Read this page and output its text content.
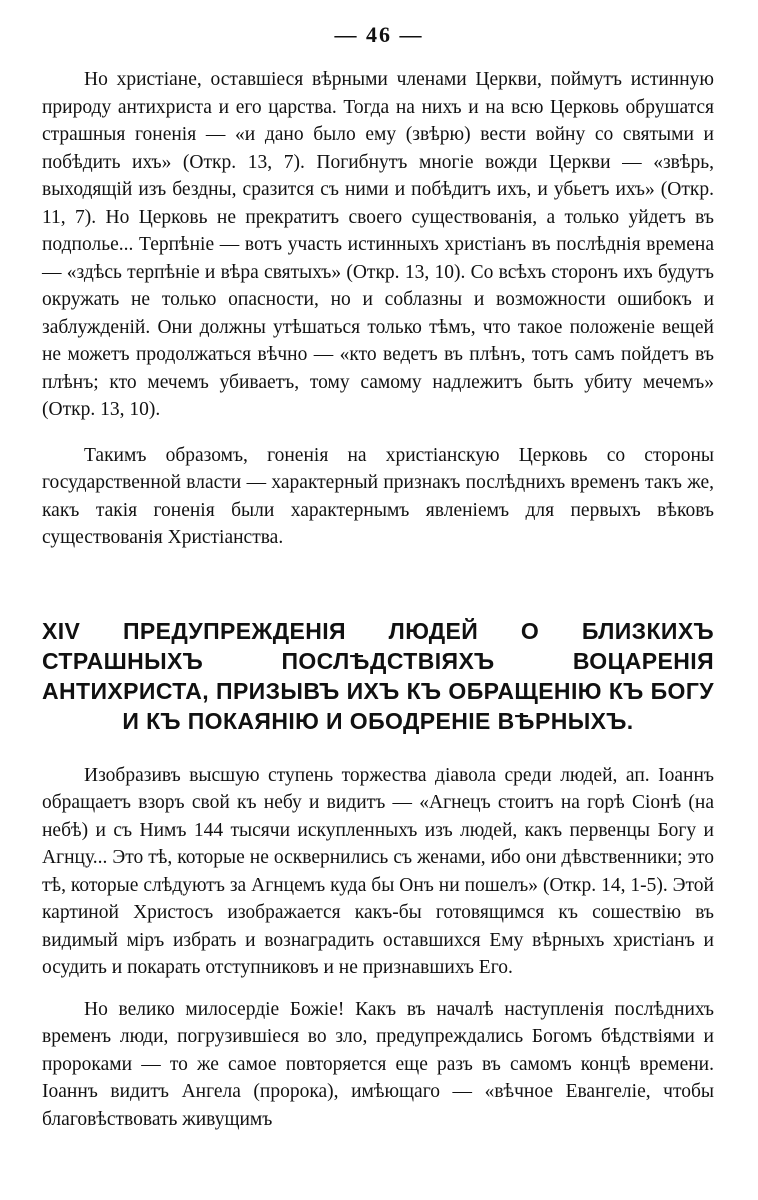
— 46 —

Но христіане, оставшіеся вѣрными членами Церкви, поймутъ истинную природу антихриста и его царства. Тогда на нихъ и на всю Церковь обрушатся страшныя гоненія — «и дано было ему (звѣрю) вести войну со святыми и побѣдить ихъ» (Откр. 13, 7). Погибнутъ многіе вожди Церкви — «звѣрь, выходящій изъ бездны, сразится съ ними и побѣдитъ ихъ, и убьетъ ихъ» (Откр. 11, 7). Но Церковь не прекратитъ своего существованія, а только уйдетъ въ подполье... Терпѣніе — вотъ участь истинныхъ христіанъ въ послѣднія времена — «здѣсь терпѣніе и вѣра святыхъ» (Откр. 13, 10). Со всѣхъ сторонъ ихъ будутъ окружать не только опасности, но и соблазны и возможности ошибокъ и заблужденій. Они должны утѣшаться только тѣмъ, что такое положеніе вещей не можетъ продолжаться вѣчно — «кто ведетъ въ плѣнъ, тотъ самъ пойдетъ въ плѣнъ; кто мечемъ убиваетъ, тому самому надлежитъ быть убиту мечемъ» (Откр. 13, 10).

Такимъ образомъ, гоненія на христіанскую Церковь со стороны государственной власти — характерный признакъ послѣднихъ временъ такъ же, какъ такія гоненія были характернымъ явленіемъ для первыхъ вѣковъ существованія Христіанства.

XIV ПРЕДУПРЕЖДЕНІЯ ЛЮДЕЙ О БЛИЗКИХЪ СТРАШНЫХЪ ПОСЛѢДСТВІЯХЪ ВОЦАРЕНІЯ АНТИХРИСТА, ПРИЗЫВЪ ИХЪ КЪ ОБРАЩЕНІЮ КЪ БОГУ И КЪ ПОКАЯНІЮ И ОБОДРЕНІЕ ВѢРНЫХЪ.

Изобразивъ высшую ступень торжества діавола среди людей, ап. Іоаннъ обращаетъ взоръ свой къ небу и видитъ — «Агнецъ стоитъ на горѣ Сіонѣ (на небѣ) и съ Нимъ 144 тысячи искупленныхъ изъ людей, какъ первенцы Богу и Агнцу... Это тѣ, которые не осквернились съ женами, ибо они дѣвственники; это тѣ, которые слѣдуютъ за Агнцемъ куда бы Онъ ни пошелъ» (Откр. 14, 1-5). Этой картиной Христосъ изображается какъ-бы готовящимся къ сошествію въ видимый міръ избрать и вознаградить оставшихся Ему вѣрныхъ христіанъ и осудить и покарать отступниковъ и не признавшихъ Его.

Но велико милосердіе Божіе! Какъ въ началѣ наступленія послѣднихъ временъ люди, погрузившіеся во зло, предупреждались Богомъ бѣдствіями и пророками — то же самое повторяется еще разъ въ самомъ концѣ времени. Іоаннъ видитъ Ангела (пророка), имѣющаго — «вѣчное Евангеліе, чтобы благовѣствовать живущимъ
